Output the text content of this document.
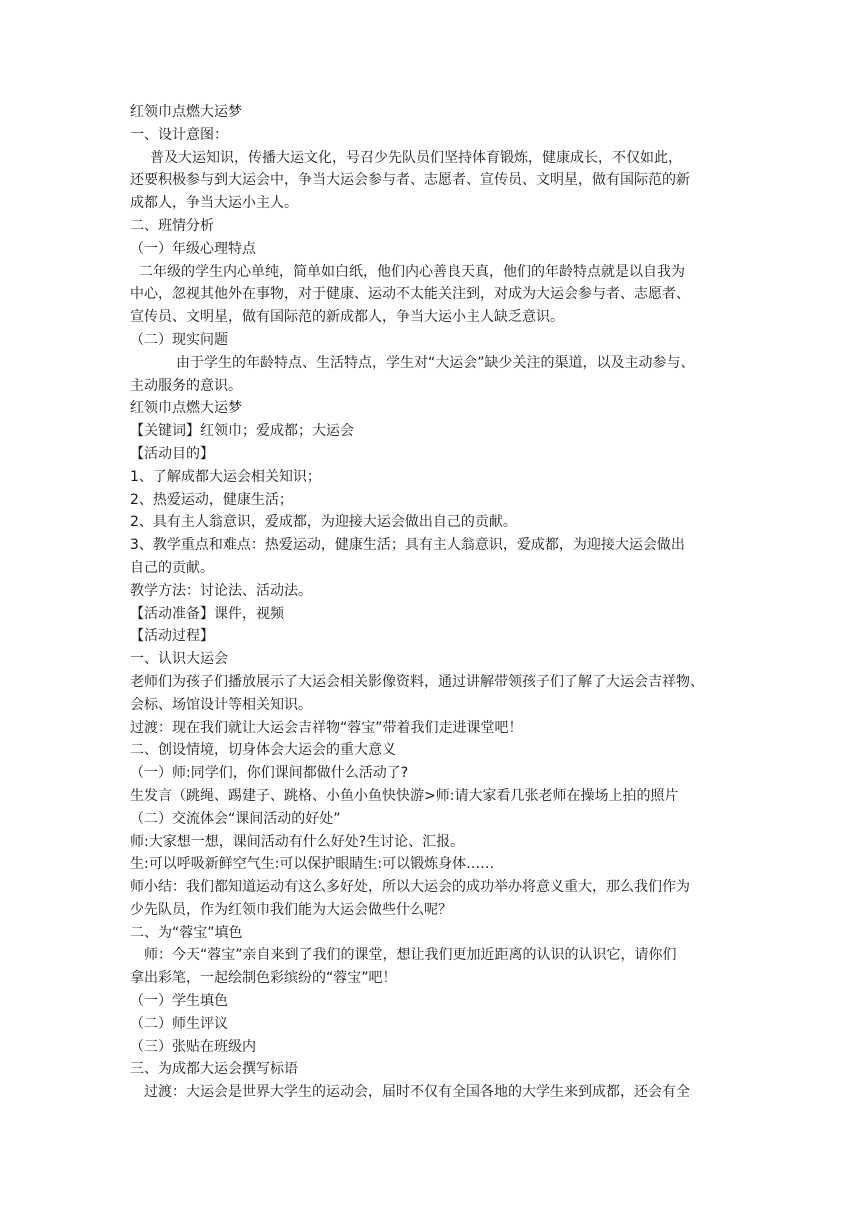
红领巾点燃大运梦
一、设计意图：
普及大运知识，传播大运文化，号召少先队员们坚持体育锻炼，健康成长，不仅如此，
还要积极参与到大运会中，争当大运会参与者、志愿者、宣传员、文明星，做有国际范的新
成都人，争当大运小主人。
二、班情分析
（一）年级心理特点
二年级的学生内心单纯，简单如白纸，他们内心善良天真，他们的年龄特点就是以自我为
中心，忽视其他外在事物，对于健康、运动不太能关注到，对成为大运会参与者、志愿者、
宣传员、文明星，做有国际范的新成都人，争当大运小主人缺乏意识。
（二）现实问题
由于学生的年龄特点、生活特点，学生对“大运会”缺少关注的渠道，以及主动参与、
主动服务的意识。
红领巾点燃大运梦
【关键词】红领巾；爱成都；大运会
【活动目的】
1、了解成都大运会相关知识；
2、热爱运动，健康生活；
2、具有主人翁意识，爱成都，为迎接大运会做出自己的贡献。
3、教学重点和难点：热爱运动，健康生活；具有主人翁意识，爱成都，为迎接大运会做出
自己的贡献。
教学方法：讨论法、活动法。
【活动准备】课件，视频
【活动过程】
一、认识大运会
老师们为孩子们播放展示了大运会相关影像资料，通过讲解带领孩子们了解了大运会吉祥物、
会标、场馆设计等相关知识。
过渡：现在我们就让大运会吉祥物“蓉宝”带着我们走进课堂吧！
二、创设情境，切身体会大运会的重大意义
（一）师:同学们，你们课间都做什么活动了?
生发言（跳绳、踢建子、跳格、小鱼小鱼快快游>师:请大家看几张老师在操场上拍的照片
（二）交流体会“课间活动的好处”
师:大家想一想，课间活动有什么好处?生讨论、汇报。
生:可以呼吸新鲜空气生:可以保护眼睛生:可以锻炼身体……
师小结：我们都知道运动有这么多好处，所以大运会的成功举办将意义重大，那么我们作为
少先队员，作为红领巾我们能为大运会做些什么呢？
二、为“蓉宝”填色
师：今天“蓉宝”亲自来到了我们的课堂，想让我们更加近距离的认识的认识它，请你们
拿出彩笔，一起绘制色彩缤纷的“蓉宝”吧！
（一）学生填色
（二）师生评议
（三）张贴在班级内
三、为成都大运会撰写标语
过渡：大运会是世界大学生的运动会，届时不仅有全国各地的大学生来到成都，还会有全
